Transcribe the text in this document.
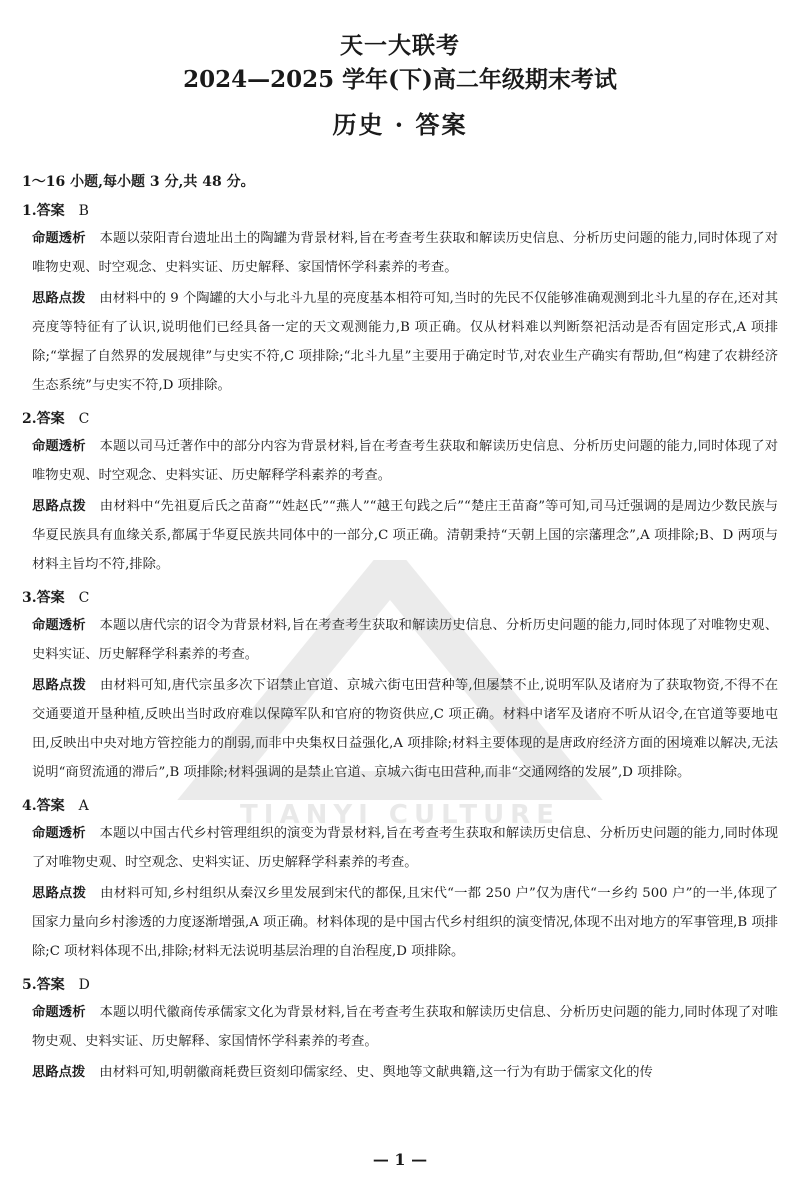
TIANYI CULTURE
天一大联考
2024—2025 学年(下)高二年级期末考试
历史 · 答案
1～16 小题,每小题 3 分,共 48 分。
1.答案 B

命题透析 本题以荥阳青台遗址出土的陶罐为背景材料,旨在考查考生获取和解读历史信息、分析历史问题的能力,同时体现了对唯物史观、时空观念、史料实证、历史解释、家国情怀学科素养的考查。

思路点拨 由材料中的 9 个陶罐的大小与北斗九星的亮度基本相符可知,当时的先民不仅能够准确观测到北斗九星的存在,还对其亮度等特征有了认识,说明他们已经具备一定的天文观测能力,B 项正确。仅从材料难以判断祭祀活动是否有固定形式,A 项排除;“掌握了自然界的发展规律”与史实不符,C 项排除;“北斗九星”主要用于确定时节,对农业生产确实有帮助,但“构建了农耕经济生态系统”与史实不符,D 项排除。

2.答案 C

命题透析 本题以司马迁著作中的部分内容为背景材料,旨在考查考生获取和解读历史信息、分析历史问题的能力,同时体现了对唯物史观、时空观念、史料实证、历史解释学科素养的考查。

思路点拨 由材料中“先祖夏后氏之苗裔”“姓赵氏”“燕人”“越王句践之后”“楚庄王苗裔”等可知,司马迁强调的是周边少数民族与华夏民族具有血缘关系,都属于华夏民族共同体中的一部分,C 项正确。清朝秉持“天朝上国的宗藩理念”,A 项排除;B、D 两项与材料主旨均不符,排除。

3.答案 C

命题透析 本题以唐代宗的诏令为背景材料,旨在考查考生获取和解读历史信息、分析历史问题的能力,同时体现了对唯物史观、史料实证、历史解释学科素养的考查。

思路点拨 由材料可知,唐代宗虽多次下诏禁止官道、京城六街屯田营种等,但屡禁不止,说明军队及诸府为了获取物资,不得不在交通要道开垦种植,反映出当时政府难以保障军队和官府的物资供应,C 项正确。材料中诸军及诸府不听从诏令,在官道等要地屯田,反映出中央对地方管控能力的削弱,而非中央集权日益强化,A 项排除;材料主要体现的是唐政府经济方面的困境难以解决,无法说明“商贸流通的滞后”,B 项排除;材料强调的是禁止官道、京城六街屯田营种,而非“交通网络的发展”,D 项排除。

4.答案 A

命题透析 本题以中国古代乡村管理组织的演变为背景材料,旨在考查考生获取和解读历史信息、分析历史问题的能力,同时体现了对唯物史观、时空观念、史料实证、历史解释学科素养的考查。

思路点拨 由材料可知,乡村组织从秦汉乡里发展到宋代的都保,且宋代“一都 250 户”仅为唐代“一乡约 500 户”的一半,体现了国家力量向乡村渗透的力度逐渐增强,A 项正确。材料体现的是中国古代乡村组织的演变情况,体现不出对地方的军事管理,B 项排除;C 项材料体现不出,排除;材料无法说明基层治理的自治程度,D 项排除。

5.答案 D

命题透析 本题以明代徽商传承儒家文化为背景材料,旨在考查考生获取和解读历史信息、分析历史问题的能力,同时体现了对唯物史观、史料实证、历史解释、家国情怀学科素养的考查。

思路点拨 由材料可知,明朝徽商耗费巨资刻印儒家经、史、舆地等文献典籍,这一行为有助于儒家文化的传

— 1 —
